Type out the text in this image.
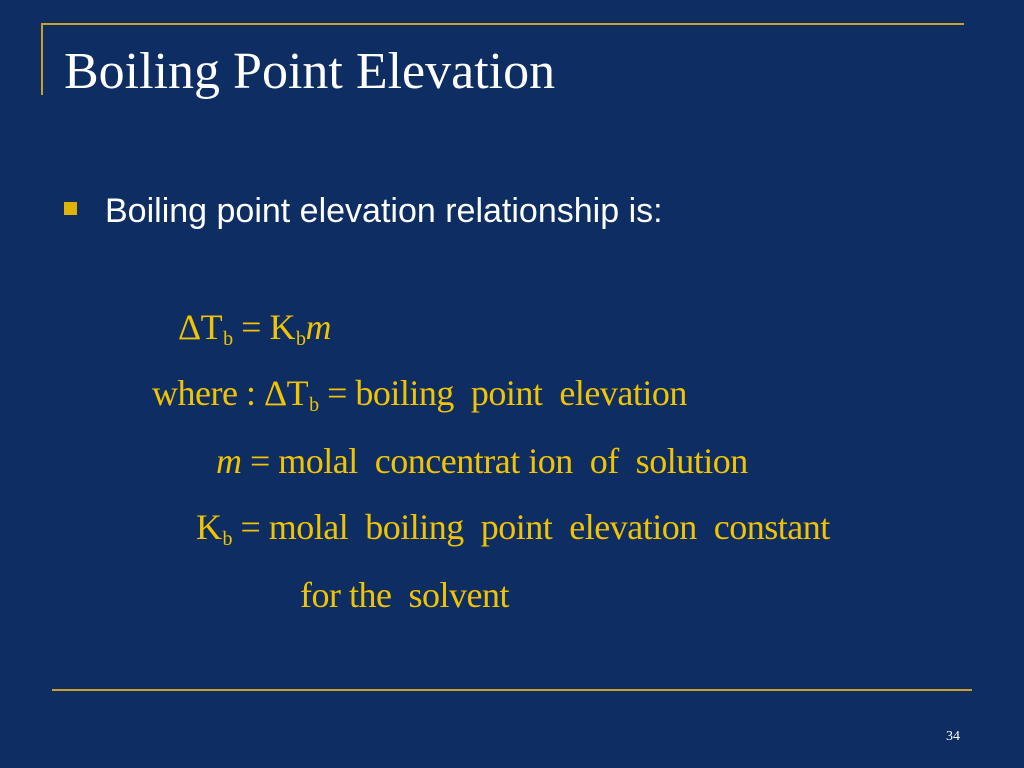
Boiling Point Elevation
Boiling point elevation relationship is:
$\Delta T_b = K_bm$
where : $\Delta T_b$ = boiling  point  elevation
m = molal  concentrat ion  of  solution
$K_b$ = molal  boiling  point  elevation  constant
for the  solvent
34
